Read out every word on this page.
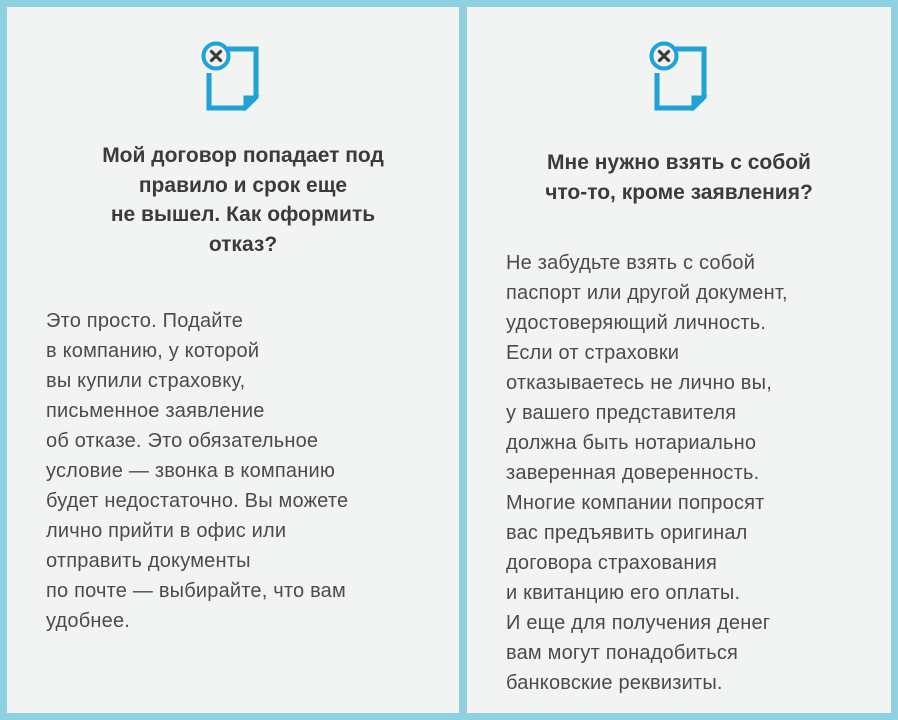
Мой договор попадает под
правило и срок еще
не вышел. Как оформить
отказ?

Это просто. Подайте
в компанию, у которой
вы купили страховку,
письменное заявление
об отказе. Это обязательное
условие — звонка в компанию
будет недостаточно. Вы можете
лично прийти в офис или
отправить документы
по почте — выбирайте, что вам
удобнее.

Мне нужно взять с собой
что-то, кроме заявления?

Не забудьте взять с собой
паспорт или другой документ,
удостоверяющий личность.
Если от страховки
отказываетесь не лично вы,
у вашего представителя
должна быть нотариально
заверенная доверенность.
Многие компании попросят
вас предъявить оригинал
договора страхования
и квитанцию его оплаты.
И еще для получения денег
вам могут понадобиться
банковские реквизиты.
